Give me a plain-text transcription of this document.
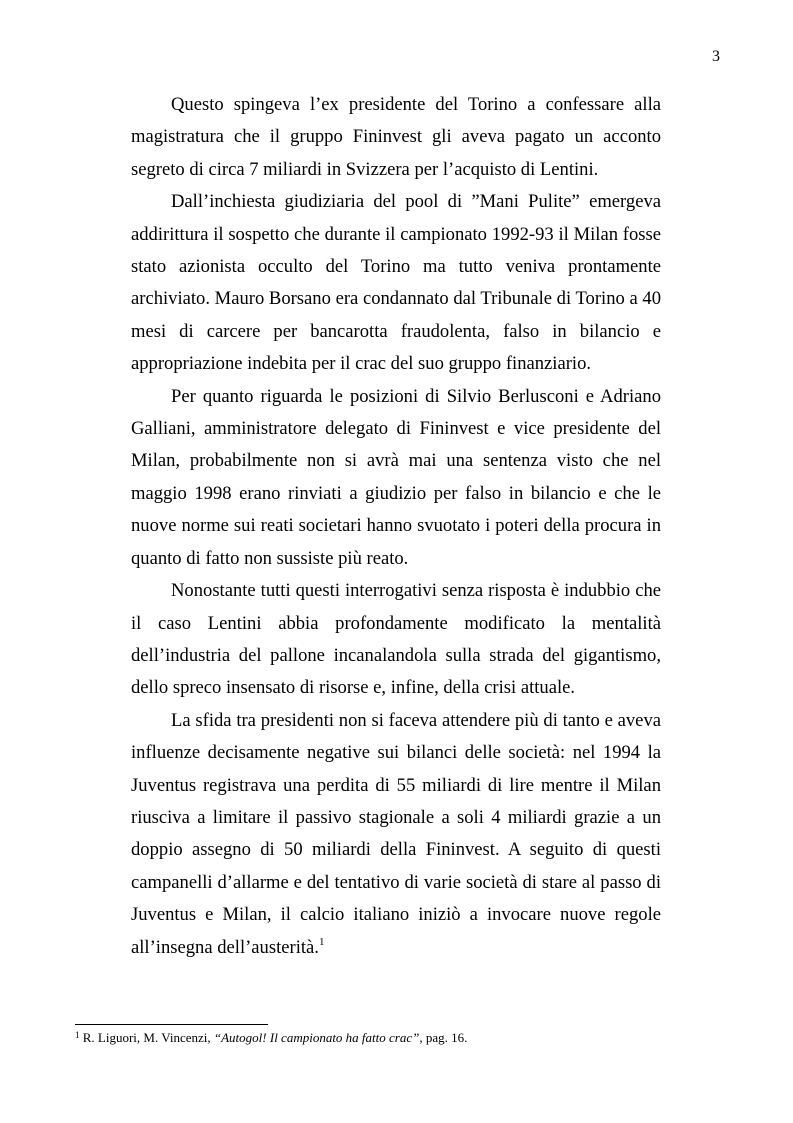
3

Questo spingeva l’ex presidente del Torino a confessare alla magistratura che il gruppo Fininvest gli aveva pagato un acconto segreto di circa 7 miliardi in Svizzera per l’acquisto di Lentini.

Dall’inchiesta giudiziaria del pool di ”Mani Pulite” emergeva addirittura il sospetto che durante il campionato 1992-93 il Milan fosse stato azionista occulto del Torino ma tutto veniva prontamente archiviato. Mauro Borsano era condannato dal Tribunale di Torino a 40 mesi di carcere per bancarotta fraudolenta, falso in bilancio e appropriazione indebita per il crac del suo gruppo finanziario.

Per quanto riguarda le posizioni di Silvio Berlusconi e Adriano Galliani, amministratore delegato di Fininvest e vice presidente del Milan, probabilmente non si avrà mai una sentenza visto che nel maggio 1998 erano rinviati a giudizio per falso in bilancio e che le nuove norme sui reati societari hanno svuotato i poteri della procura in quanto di fatto non sussiste più reato.

Nonostante tutti questi interrogativi senza risposta è indubbio che il caso Lentini abbia profondamente modificato la mentalità dell’industria del pallone incanalandola sulla strada del gigantismo, dello spreco insensato di risorse e, infine, della crisi attuale.

La sfida tra presidenti non si faceva attendere più di tanto e aveva influenze decisamente negative sui bilanci delle società: nel 1994 la Juventus registrava una perdita di 55 miliardi di lire mentre il Milan riusciva a limitare il passivo stagionale a soli 4 miliardi grazie a un doppio assegno di 50 miliardi della Fininvest. A seguito di questi campanelli d’allarme e del tentativo di varie società di stare al passo di Juventus e Milan, il calcio italiano iniziò a invocare nuove regole all’insegna dell’austerità.$^1$

$^1$ R. Liguori, M. Vincenzi, “Autogol! Il campionato ha fatto crac”, pag. 16.
